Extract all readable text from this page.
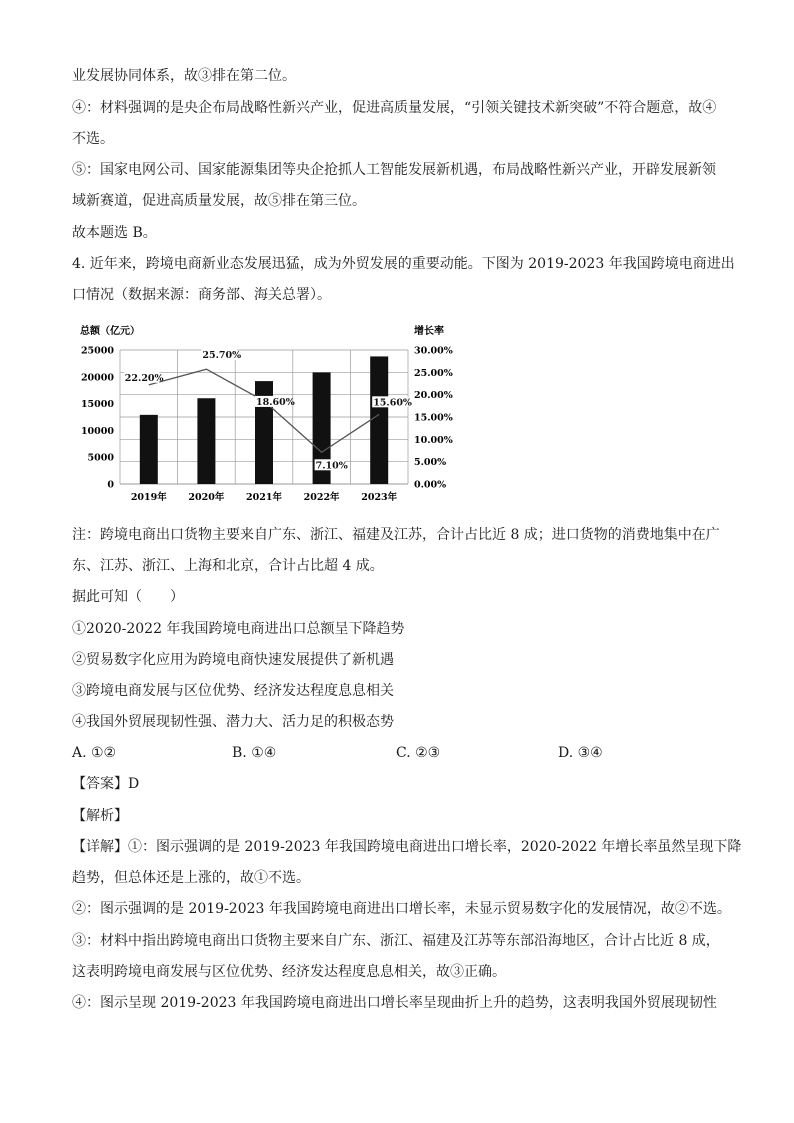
业发展协同体系，故③排在第二位。
④：材料强调的是央企布局战略性新兴产业，促进高质量发展，“引领关键技术新突破”不符合题意，故④
不选。
⑤：国家电网公司、国家能源集团等央企抢抓人工智能发展新机遇，布局战略性新兴产业，开辟发展新领
域新赛道，促进高质量发展，故⑤排在第三位。
故本题选 B。
4. 近年来，跨境电商新业态发展迅猛，成为外贸发展的重要动能。下图为 2019-2023 年我国跨境电商进出
口情况（数据来源：商务部、海关总署）。
总额（亿元）	增长率
22.20%
25.70%
18.60%
7.10%
15.60%
25000
20000
15000
10000
5000
0
30.00%
25.00%
20.00%
15.00%
10.00%
5.00%
0.00%
2019年 2020年 2021年 2022年 2023年
注：跨境电商出口货物主要来自广东、浙江、福建及江苏，合计占比近 8 成；进口货物的消费地集中在广
东、江苏、浙江、上海和北京，合计占比超 4 成。
据此可知（　　）
①2020-2022 年我国跨境电商进出口总额呈下降趋势
②贸易数字化应用为跨境电商快速发展提供了新机遇
③跨境电商发展与区位优势、经济发达程度息息相关
④我国外贸展现韧性强、潜力大、活力足的积极态势
A. ①②	B. ①④	C. ②③	D. ③④
【答案】D
【解析】
【详解】①：图示强调的是 2019-2023 年我国跨境电商进出口增长率，2020-2022 年增长率虽然呈现下降
趋势，但总体还是上涨的，故①不选。
②：图示强调的是 2019-2023 年我国跨境电商进出口增长率，未显示贸易数字化的发展情况，故②不选。
③：材料中指出跨境电商出口货物主要来自广东、浙江、福建及江苏等东部沿海地区，合计占比近 8 成，
这表明跨境电商发展与区位优势、经济发达程度息息相关，故③正确。
④：图示呈现 2019-2023 年我国跨境电商进出口增长率呈现曲折上升的趋势，这表明我国外贸展现韧性
